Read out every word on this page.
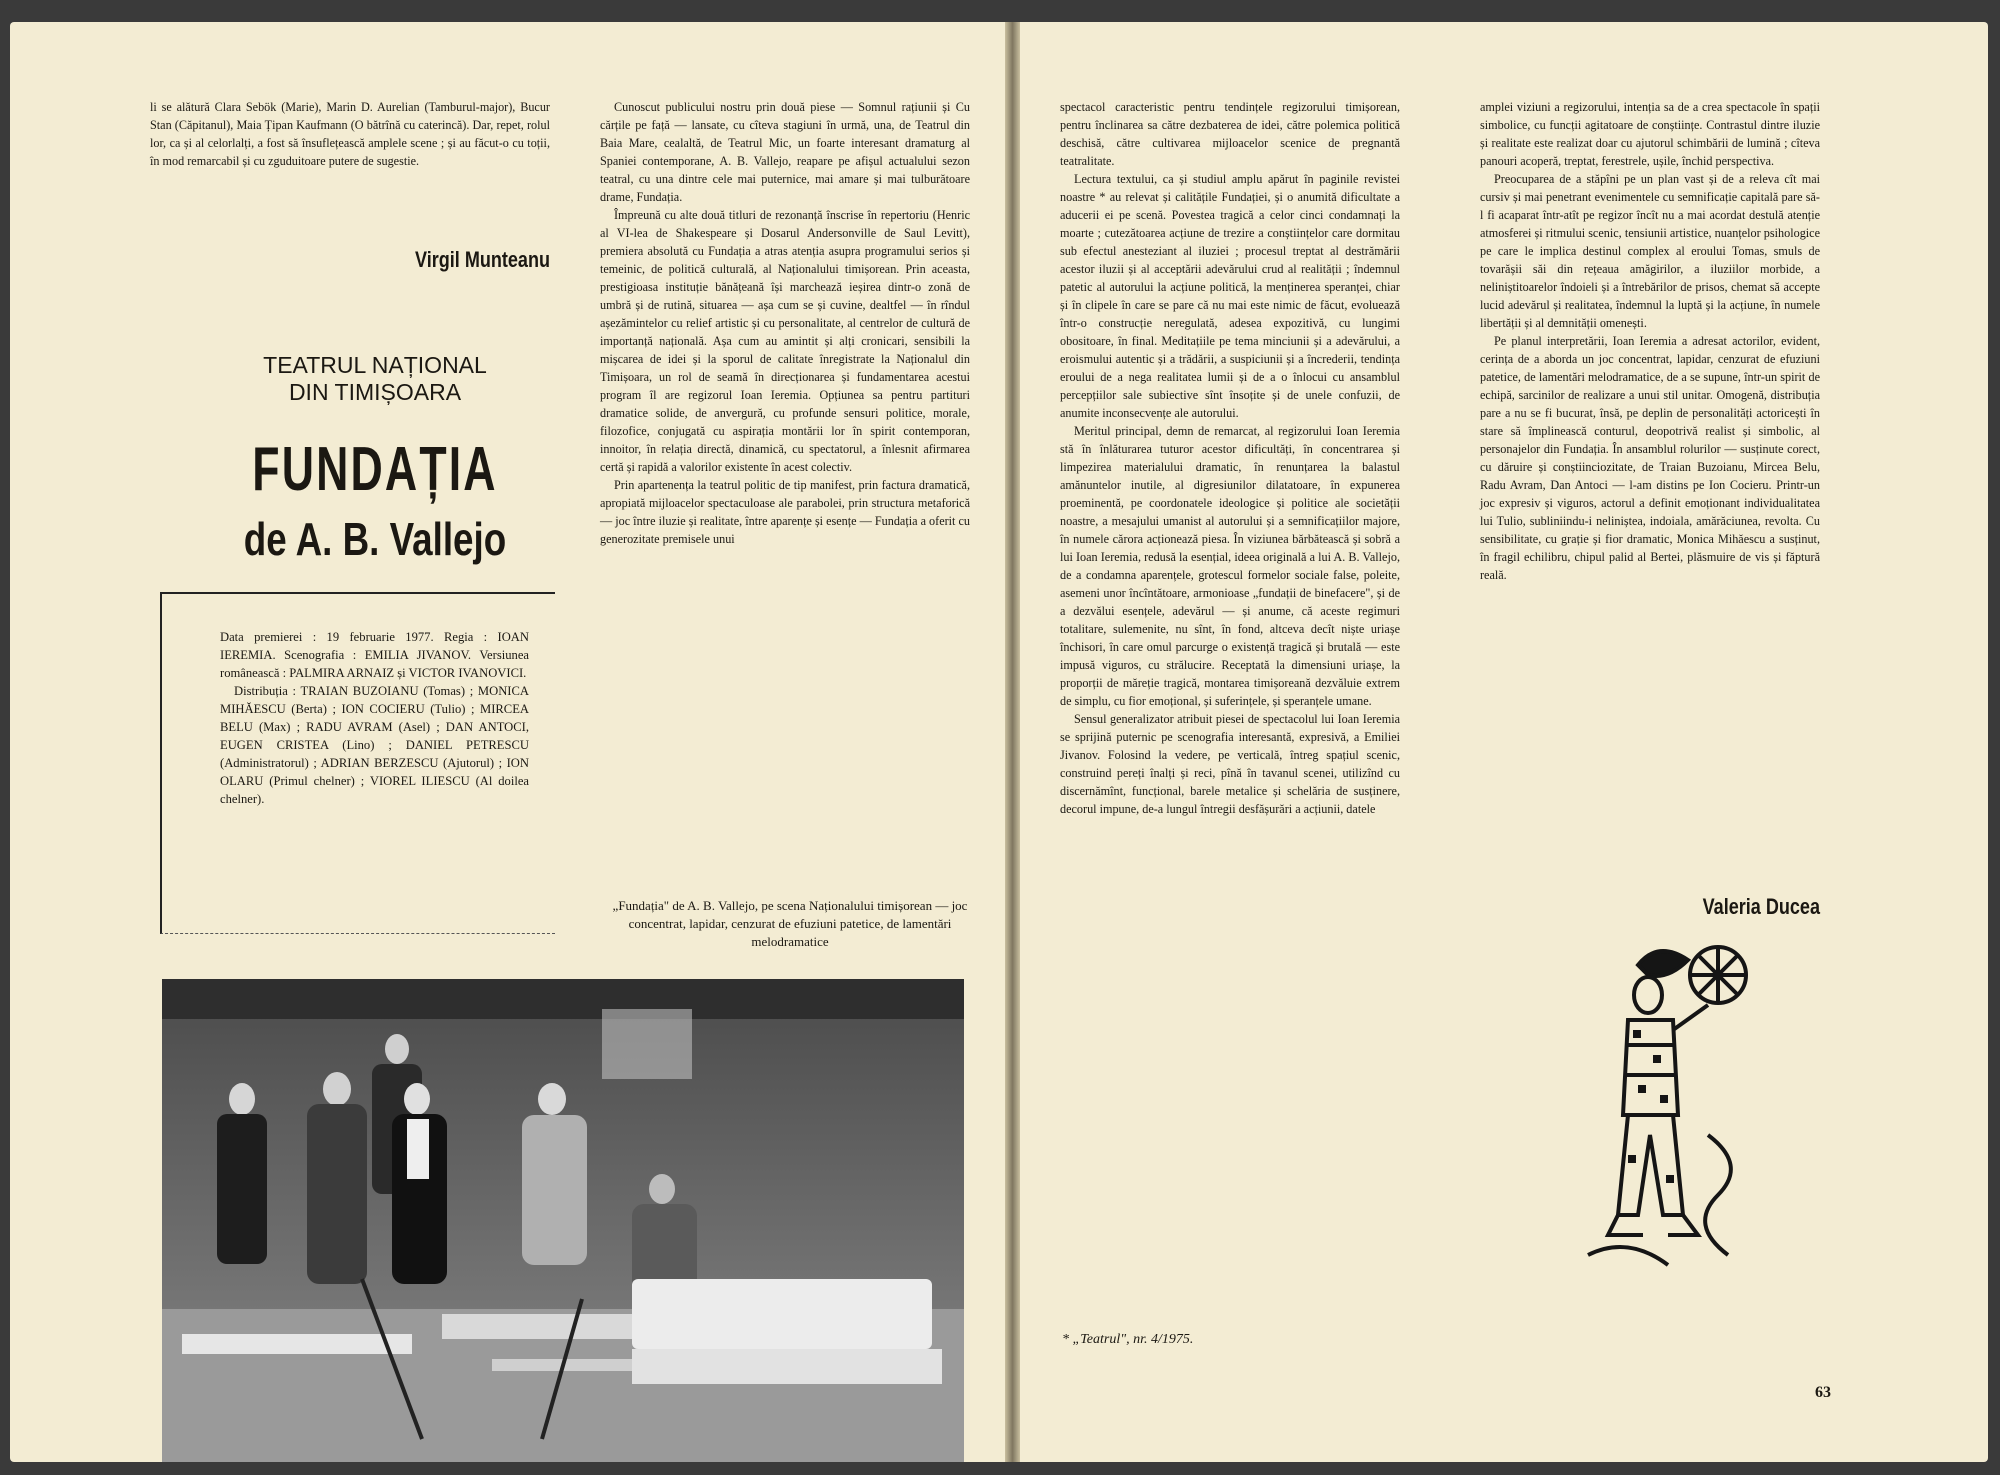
li se alătură Clara Sebök (Marie), Marin D. Aurelian (Tamburul-major), Bucur Stan (Căpitanul), Maia Țipan Kaufmann (O bătrînă cu caterincă). Dar, repet, rolul lor, ca și al celorlalți, a fost să însuflețească amplele scene ; și au făcut-o cu toții, în mod remarcabil și cu zguduitoare putere de sugestie.

Virgil Munteanu
TEATRUL NAȚIONAL
DIN TIMIȘOARA
FUNDAȚIA
de A. B. Vallejo

Data premierei : 19 februarie 1977. Regia : IOAN IEREMIA. Scenografia : EMILIA JIVANOV. Versiunea românească : PALMIRA ARNAIZ și VICTOR IVANOVICI.

Distribuția : TRAIAN BUZOIANU (Tomas) ; MONICA MIHĂESCU (Berta) ; ION COCIERU (Tulio) ; MIRCEA BELU (Max) ; RADU AVRAM (Asel) ; DAN ANTOCI, EUGEN CRISTEA (Lino) ; DANIEL PETRESCU (Administratorul) ; ADRIAN BERZESCU (Ajutorul) ; ION OLARU (Primul chelner) ; VIOREL ILIESCU (Al doilea chelner).

Cunoscut publicului nostru prin două piese — Somnul rațiunii și Cu cărțile pe față — lansate, cu cîteva stagiuni în urmă, una, de Teatrul din Baia Mare, cealaltă, de Teatrul Mic, un foarte interesant dramaturg al Spaniei contemporane, A. B. Vallejo, reapare pe afișul actualului sezon teatral, cu una dintre cele mai puternice, mai amare și mai tulburătoare drame, Fundația.

Împreună cu alte două titluri de rezonanță înscrise în repertoriu (Henric al VI-lea de Shakespeare și Dosarul Andersonville de Saul Levitt), premiera absolută cu Fundația a atras atenția asupra programului serios și temeinic, de politică culturală, al Naționalului timișorean. Prin aceasta, prestigioasa instituție bănățeană își marchează ieșirea dintr-o zonă de umbră și de rutină, situarea — așa cum se și cuvine, dealtfel — în rîndul așezămintelor cu relief artistic și cu personalitate, al centrelor de cultură de importanță națională. Așa cum au amintit și alți cronicari, sensibili la mișcarea de idei și la sporul de calitate înregistrate la Naționalul din Timișoara, un rol de seamă în direcționarea și fundamentarea acestui program îl are regizorul Ioan Ieremia. Opțiunea sa pentru partituri dramatice solide, de anvergură, cu profunde sensuri politice, morale, filozofice, conjugată cu aspirația montării lor în spirit contemporan, innoitor, în relația directă, dinamică, cu spectatorul, a înlesnit afirmarea certă și rapidă a valorilor existente în acest colectiv.

Prin apartenența la teatrul politic de tip manifest, prin factura dramatică, apropiată mijloacelor spectaculoase ale parabolei, prin structura metaforică — joc între iluzie și realitate, între aparențe și esențe — Fundația a oferit cu generozitate premisele unui

„Fundația" de A. B. Vallejo, pe scena Naționalului timișorean — joc concentrat, lapidar, cenzurat de efuziuni patetice, de lamentări melodramatice

spectacol caracteristic pentru tendințele regizorului timișorean, pentru înclinarea sa către dezbaterea de idei, către polemica politică deschisă, către cultivarea mijloacelor scenice de pregnantă teatralitate.

Lectura textului, ca și studiul amplu apărut în paginile revistei noastre * au relevat și calitățile Fundației, și o anumită dificultate a aducerii ei pe scenă. Povestea tragică a celor cinci condamnați la moarte ; cutezătoarea acțiune de trezire a conștiințelor care dormitau sub efectul anesteziant al iluziei ; procesul treptat al destrămării acestor iluzii și al acceptării adevărului crud al realității ; îndemnul patetic al autorului la acțiune politică, la menținerea speranței, chiar și în clipele în care se pare că nu mai este nimic de făcut, evoluează într-o construcție neregulată, adesea expozitivă, cu lungimi obositoare, în final. Meditațiile pe tema minciunii și a adevărului, a eroismului autentic și a trădării, a suspiciunii și a încrederii, tendința eroului de a nega realitatea lumii și de a o înlocui cu ansamblul percepțiilor sale subiective sînt însoțite și de unele confuzii, de anumite inconsecvențe ale autorului.

Meritul principal, demn de remarcat, al regizorului Ioan Ieremia stă în înlăturarea tuturor acestor dificultăți, în concentrarea și limpezirea materialului dramatic, în renunțarea la balastul amănuntelor inutile, al digresiunilor dilatatoare, în expunerea proeminentă, pe coordonatele ideologice și politice ale societății noastre, a mesajului umanist al autorului și a semnificațiilor majore, în numele cărora acționează piesa. În viziunea bărbătească și sobră a lui Ioan Ieremia, redusă la esențial, ideea originală a lui A. B. Vallejo, de a condamna aparențele, grotescul formelor sociale false, poleite, asemeni unor încîntătoare, armonioase „fundații de binefacere", și de a dezvălui esențele, adevărul — și anume, că aceste regimuri totalitare, sulemenite, nu sînt, în fond, altceva decît niște uriașe închisori, în care omul parcurge o existență tragică și brutală — este impusă viguros, cu strălucire. Receptată la dimensiuni uriașe, la proporții de măreție tragică, montarea timișoreană dezvăluie extrem de simplu, cu fior emoțional, și suferințele, și speranțele umane.

Sensul generalizator atribuit piesei de spectacolul lui Ioan Ieremia se sprijină puternic pe scenografia interesantă, expresivă, a Emiliei Jivanov. Folosind la vedere, pe verticală, întreg spațiul scenic, construind pereți înalți și reci, pînă în tavanul scenei, utilizînd cu discernămînt, funcțional, barele metalice și schelăria de susținere, decorul impune, de-a lungul întregii desfășurări a acțiunii, datele

amplei viziuni a regizorului, intenția sa de a crea spectacole în spații simbolice, cu funcții agitatoare de conștiințe. Contrastul dintre iluzie și realitate este realizat doar cu ajutorul schimbării de lumină ; cîteva panouri acoperă, treptat, ferestrele, ușile, închid perspectiva.

Preocuparea de a stăpîni pe un plan vast și de a releva cît mai cursiv și mai penetrant evenimentele cu semnificație capitală pare să-l fi acaparat într-atît pe regizor încît nu a mai acordat destulă atenție atmosferei și ritmului scenic, tensiunii artistice, nuanțelor psihologice pe care le implica destinul complex al eroului Tomas, smuls de tovarășii săi din rețeaua amăgirilor, a iluziilor morbide, a neliniștitoarelor îndoieli și a întrebărilor de prisos, chemat să accepte lucid adevărul și realitatea, îndemnul la luptă și la acțiune, în numele libertății și al demnității omenești.

Pe planul interpretării, Ioan Ieremia a adresat actorilor, evident, cerința de a aborda un joc concentrat, lapidar, cenzurat de efuziuni patetice, de lamentări melodramatice, de a se supune, într-un spirit de echipă, sarcinilor de realizare a unui stil unitar. Omogenă, distribuția pare a nu se fi bucurat, însă, pe deplin de personalități actoricești în stare să împlinească conturul, deopotrivă realist și simbolic, al personajelor din Fundația. În ansamblul rolurilor — susținute corect, cu dăruire și conștiinciozitate, de Traian Buzoianu, Mircea Belu, Radu Avram, Dan Antoci — l-am distins pe Ion Cocieru. Printr-un joc expresiv și viguros, actorul a definit emoționant individualitatea lui Tulio, subliniindu-i neliniștea, indoiala, amărăciunea, revolta. Cu sensibilitate, cu grație și fior dramatic, Monica Mihăescu a susținut, în fragil echilibru, chipul palid al Bertei, plăsmuire de vis și făptură reală.

Valeria Ducea
* „Teatrul", nr. 4/1975.
63
